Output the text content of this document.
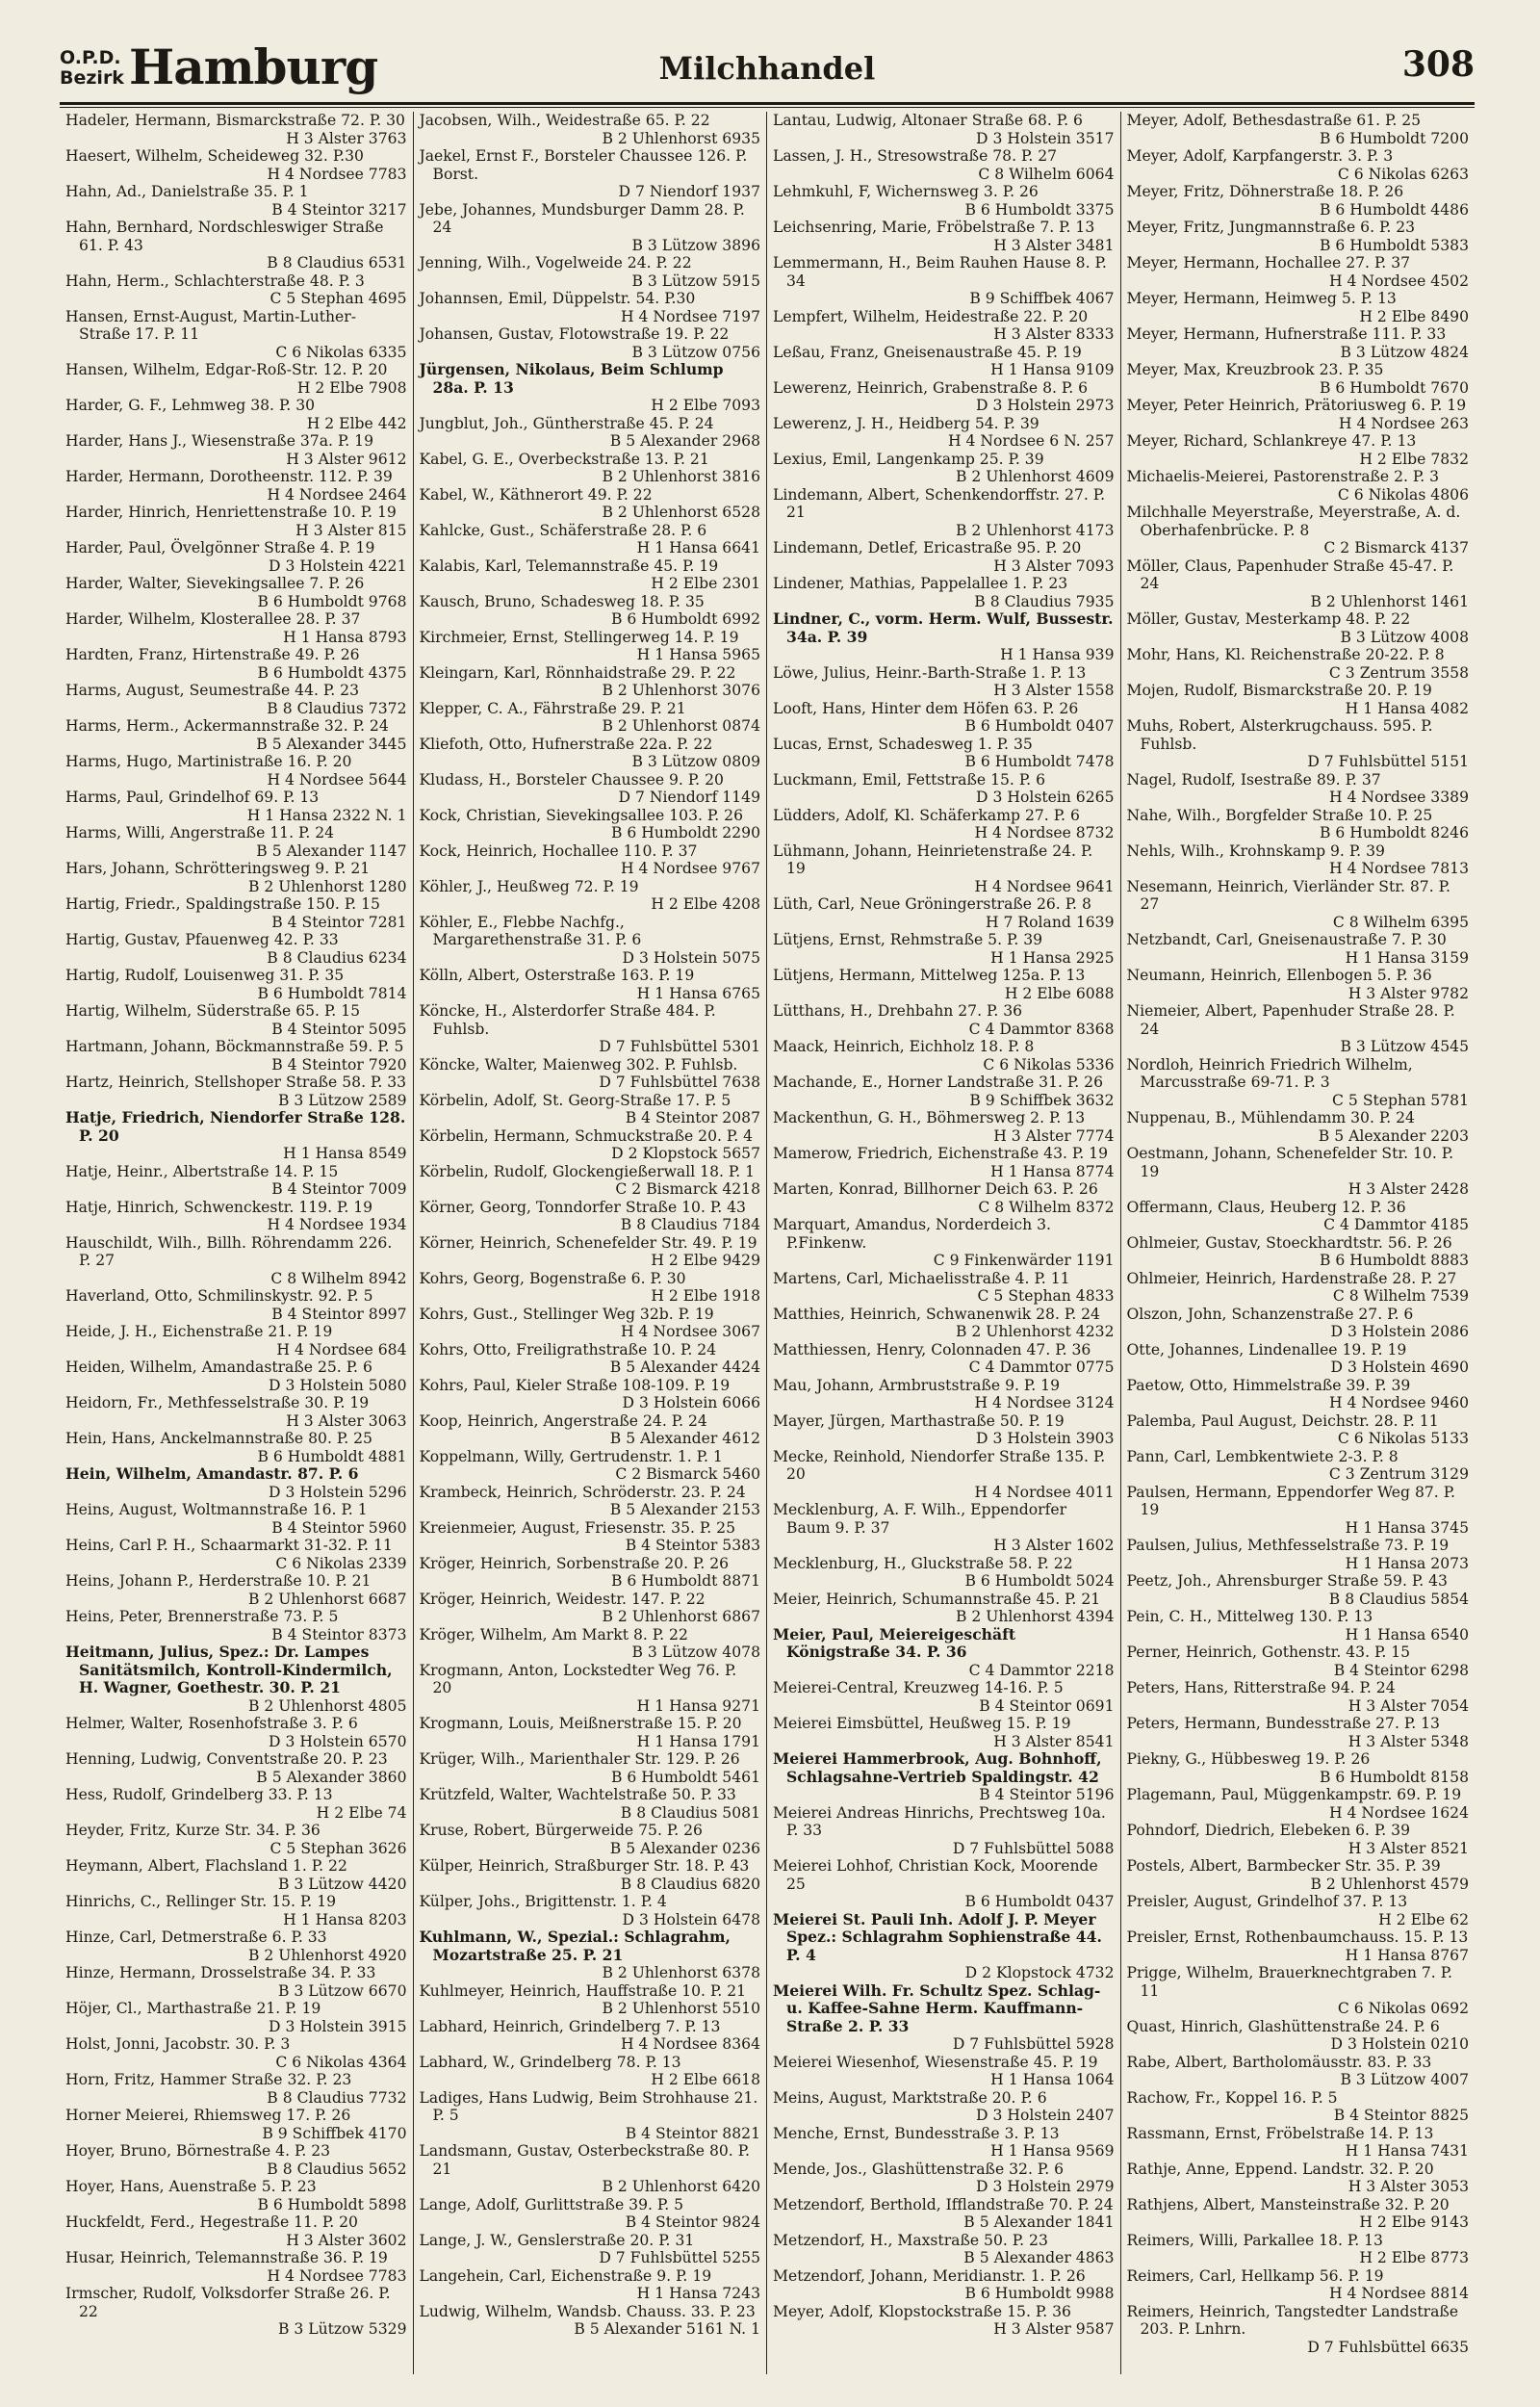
O.P.D.
Bezirk Hamburg	Milchhandel	308
Hadeler, Hermann, Bismarckstraße 72. P. 30
H 3 Alster 3763
Haesert, Wilhelm, Scheideweg 32. P.30
H 4 Nordsee 7783
Hahn, Ad., Danielstraße 35. P. 1
B 4 Steintor 3217
Hahn, Bernhard, Nordschleswiger Straße 61. P. 43
B 8 Claudius 6531
Hahn, Herm., Schlachterstraße 48. P. 3
C 5 Stephan 4695
Hansen, Ernst-August, Martin-Luther-Straße 17. P. 11
C 6 Nikolas 6335
Hansen, Wilhelm, Edgar-Roß-Str. 12. P. 20
H 2 Elbe 7908
Harder, G. F., Lehmweg 38. P. 30
H 2 Elbe 442
Harder, Hans J., Wiesenstraße 37a. P. 19
H 3 Alster 9612
Harder, Hermann, Dorotheenstr. 112. P. 39
H 4 Nordsee 2464
Harder, Hinrich, Henriettenstraße 10. P. 19
H 3 Alster 815
Harder, Paul, Övelgönner Straße 4. P. 19
D 3 Holstein 4221
Harder, Walter, Sievekingsallee 7. P. 26
B 6 Humboldt 9768
Harder, Wilhelm, Klosterallee 28. P. 37
H 1 Hansa 8793
Hardten, Franz, Hirtenstraße 49. P. 26
B 6 Humboldt 4375
Harms, August, Seumestraße 44. P. 23
B 8 Claudius 7372
Harms, Herm., Ackermannstraße 32. P. 24
B 5 Alexander 3445
Harms, Hugo, Martinistraße 16. P. 20
H 4 Nordsee 5644
Harms, Paul, Grindelhof 69. P. 13
H 1 Hansa 2322 N. 1
Harms, Willi, Angerstraße 11. P. 24
B 5 Alexander 1147
Hars, Johann, Schrötteringsweg 9. P. 21
B 2 Uhlenhorst 1280
Hartig, Friedr., Spaldingstraße 150. P. 15
B 4 Steintor 7281
Hartig, Gustav, Pfauenweg 42. P. 33
B 8 Claudius 6234
Hartig, Rudolf, Louisenweg 31. P. 35
B 6 Humboldt 7814
Hartig, Wilhelm, Süderstraße 65. P. 15
B 4 Steintor 5095
Hartmann, Johann, Böckmannstraße 59. P. 5
B 4 Steintor 7920
Hartz, Heinrich, Stellshoper Straße 58. P. 33
B 3 Lützow 2589
Hatje, Friedrich, Niendorfer Straße 128. P. 20
H 1 Hansa 8549
Hatje, Heinr., Albertstraße 14. P. 15
B 4 Steintor 7009
Hatje, Hinrich, Schwenckestr. 119. P. 19
H 4 Nordsee 1934
Hauschildt, Wilh., Billh. Röhrendamm 226. P. 27
C 8 Wilhelm 8942
Haverland, Otto, Schmilinskystr. 92. P. 5
B 4 Steintor 8997
Heide, J. H., Eichenstraße 21. P. 19
H 4 Nordsee 684
Heiden, Wilhelm, Amandastraße 25. P. 6
D 3 Holstein 5080
Heidorn, Fr., Methfesselstraße 30. P. 19
H 3 Alster 3063
Hein, Hans, Anckelmannstraße 80. P. 25
B 6 Humboldt 4881
Hein, Wilhelm, Amandastr. 87. P. 6
D 3 Holstein 5296
Heins, August, Woltmannstraße 16. P. 1
B 4 Steintor 5960
Heins, Carl P. H., Schaarmarkt 31-32. P. 11
C 6 Nikolas 2339
Heins, Johann P., Herderstraße 10. P. 21
B 2 Uhlenhorst 6687
Heins, Peter, Brennerstraße 73. P. 5
B 4 Steintor 8373
Heitmann, Julius, Spez.: Dr. Lampes Sanitätsmilch, Kontroll-Kindermilch, H. Wagner, Goethestr. 30. P. 21
B 2 Uhlenhorst 4805
Helmer, Walter, Rosenhofstraße 3. P. 6
D 3 Holstein 6570
Henning, Ludwig, Conventstraße 20. P. 23
B 5 Alexander 3860
Hess, Rudolf, Grindelberg 33. P. 13
H 2 Elbe 74
Heyder, Fritz, Kurze Str. 34. P. 36
C 5 Stephan 3626
Heymann, Albert, Flachsland 1. P. 22
B 3 Lützow 4420
Hinrichs, C., Rellinger Str. 15. P. 19
H 1 Hansa 8203
Hinze, Carl, Detmerstraße 6. P. 33
B 2 Uhlenhorst 4920
Hinze, Hermann, Drosselstraße 34. P. 33
B 3 Lützow 6670
Höjer, Cl., Marthastraße 21. P. 19
D 3 Holstein 3915
Holst, Jonni, Jacobstr. 30. P. 3
C 6 Nikolas 4364
Horn, Fritz, Hammer Straße 32. P. 23
B 8 Claudius 7732
Horner Meierei, Rhiemsweg 17. P. 26
B 9 Schiffbek 4170
Hoyer, Bruno, Börnestraße 4. P. 23
B 8 Claudius 5652
Hoyer, Hans, Auenstraße 5. P. 23
B 6 Humboldt 5898
Huckfeldt, Ferd., Hegestraße 11. P. 20
H 3 Alster 3602
Husar, Heinrich, Telemannstraße 36. P. 19
H 4 Nordsee 7783
Irmscher, Rudolf, Volksdorfer Straße 26. P. 22
B 3 Lützow 5329
Jacobsen, Wilh., Weidestraße 65. P. 22
B 2 Uhlenhorst 6935
Jaekel, Ernst F., Borsteler Chaussee 126. P. Borst.
D 7 Niendorf 1937
Jebe, Johannes, Mundsburger Damm 28. P. 24
B 3 Lützow 3896
Jenning, Wilh., Vogelweide 24. P. 22
B 3 Lützow 5915
Johannsen, Emil, Düppelstr. 54. P.30
H 4 Nordsee 7197
Johansen, Gustav, Flotowstraße 19. P. 22
B 3 Lützow 0756
Jürgensen, Nikolaus, Beim Schlump 28a. P. 13
H 2 Elbe 7093
Jungblut, Joh., Güntherstraße 45. P. 24
B 5 Alexander 2968
Kabel, G. E., Overbeckstraße 13. P. 21
B 2 Uhlenhorst 3816
Kabel, W., Käthnerort 49. P. 22
B 2 Uhlenhorst 6528
Kahlcke, Gust., Schäferstraße 28. P. 6
H 1 Hansa 6641
Kalabis, Karl, Telemannstraße 45. P. 19
H 2 Elbe 2301
Kausch, Bruno, Schadesweg 18. P. 35
B 6 Humboldt 6992
Kirchmeier, Ernst, Stellingerweg 14. P. 19
H 1 Hansa 5965
Kleingarn, Karl, Rönnhaidstraße 29. P. 22
B 2 Uhlenhorst 3076
Klepper, C. A., Fährstraße 29. P. 21
B 2 Uhlenhorst 0874
Kliefoth, Otto, Hufnerstraße 22a. P. 22
B 3 Lützow 0809
Kludass, H., Borsteler Chaussee 9. P. 20
D 7 Niendorf 1149
Kock, Christian, Sievekingsallee 103. P. 26
B 6 Humboldt 2290
Kock, Heinrich, Hochallee 110. P. 37
H 4 Nordsee 9767
Köhler, J., Heußweg 72. P. 19
H 2 Elbe 4208
Köhler, E., Flebbe Nachfg., Margarethenstraße 31. P. 6
D 3 Holstein 5075
Kölln, Albert, Osterstraße 163. P. 19
H 1 Hansa 6765
Köncke, H., Alsterdorfer Straße 484. P. Fuhlsb.
D 7 Fuhlsbüttel 5301
Köncke, Walter, Maienweg 302. P. Fuhlsb.
D 7 Fuhlsbüttel 7638
Körbelin, Adolf, St. Georg-Straße 17. P. 5
B 4 Steintor 2087
Körbelin, Hermann, Schmuckstraße 20. P. 4
D 2 Klopstock 5657
Körbelin, Rudolf, Glockengießerwall 18. P. 1
C 2 Bismarck 4218
Körner, Georg, Tonndorfer Straße 10. P. 43
B 8 Claudius 7184
Körner, Heinrich, Schenefelder Str. 49. P. 19
H 2 Elbe 9429
Kohrs, Georg, Bogenstraße 6. P. 30
H 2 Elbe 1918
Kohrs, Gust., Stellinger Weg 32b. P. 19
H 4 Nordsee 3067
Kohrs, Otto, Freiligrathstraße 10. P. 24
B 5 Alexander 4424
Kohrs, Paul, Kieler Straße 108-109. P. 19
D 3 Holstein 6066
Koop, Heinrich, Angerstraße 24. P. 24
B 5 Alexander 4612
Koppelmann, Willy, Gertrudenstr. 1. P. 1
C 2 Bismarck 5460
Krambeck, Heinrich, Schröderstr. 23. P. 24
B 5 Alexander 2153
Kreienmeier, August, Friesenstr. 35. P. 25
B 4 Steintor 5383
Kröger, Heinrich, Sorbenstraße 20. P. 26
B 6 Humboldt 8871
Kröger, Heinrich, Weidestr. 147. P. 22
B 2 Uhlenhorst 6867
Kröger, Wilhelm, Am Markt 8. P. 22
B 3 Lützow 4078
Krogmann, Anton, Lockstedter Weg 76. P. 20
H 1 Hansa 9271
Krogmann, Louis, Meißnerstraße 15. P. 20
H 1 Hansa 1791
Krüger, Wilh., Marienthaler Str. 129. P. 26
B 6 Humboldt 5461
Krützfeld, Walter, Wachtelstraße 50. P. 33
B 8 Claudius 5081
Kruse, Robert, Bürgerweide 75. P. 26
B 5 Alexander 0236
Külper, Heinrich, Straßburger Str. 18. P. 43
B 8 Claudius 6820
Külper, Johs., Brigittenstr. 1. P. 4
D 3 Holstein 6478
Kuhlmann, W., Spezial.: Schlagrahm, Mozartstraße 25. P. 21
B 2 Uhlenhorst 6378
Kuhlmeyer, Heinrich, Hauffstraße 10. P. 21
B 2 Uhlenhorst 5510
Labhard, Heinrich, Grindelberg 7. P. 13
H 4 Nordsee 8364
Labhard, W., Grindelberg 78. P. 13
H 2 Elbe 6618
Ladiges, Hans Ludwig, Beim Strohhause 21. P. 5
B 4 Steintor 8821
Landsmann, Gustav, Osterbeckstraße 80. P. 21
B 2 Uhlenhorst 6420
Lange, Adolf, Gurlittstraße 39. P. 5
B 4 Steintor 9824
Lange, J. W., Genslerstraße 20. P. 31
D 7 Fuhlsbüttel 5255
Langehein, Carl, Eichenstraße 9. P. 19
H 1 Hansa 7243
Ludwig, Wilhelm, Wandsb. Chauss. 33. P. 23
B 5 Alexander 5161 N. 1
Lantau, Ludwig, Altonaer Straße 68. P. 6
D 3 Holstein 3517
Lassen, J. H., Stresowstraße 78. P. 27
C 8 Wilhelm 6064
Lehmkuhl, F, Wichernsweg 3. P. 26
B 6 Humboldt 3375
Leichsenring, Marie, Fröbelstraße 7. P. 13
H 3 Alster 3481
Lemmermann, H., Beim Rauhen Hause 8. P. 34
B 9 Schiffbek 4067
Lempfert, Wilhelm, Heidestraße 22. P. 20
H 3 Alster 8333
Leßau, Franz, Gneisenaustraße 45. P. 19
H 1 Hansa 9109
Lewerenz, Heinrich, Grabenstraße 8. P. 6
D 3 Holstein 2973
Lewerenz, J. H., Heidberg 54. P. 39
H 4 Nordsee 6 N. 257
Lexius, Emil, Langenkamp 25. P. 39
B 2 Uhlenhorst 4609
Lindemann, Albert, Schenkendorffstr. 27. P. 21
B 2 Uhlenhorst 4173
Lindemann, Detlef, Ericastraße 95. P. 20
H 3 Alster 7093
Lindener, Mathias, Pappelallee 1. P. 23
B 8 Claudius 7935
Lindner, C., vorm. Herm. Wulf, Bussestr. 34a. P. 39
H 1 Hansa 939
Löwe, Julius, Heinr.-Barth-Straße 1. P. 13
H 3 Alster 1558
Looft, Hans, Hinter dem Höfen 63. P. 26
B 6 Humboldt 0407
Lucas, Ernst, Schadesweg 1. P. 35
B 6 Humboldt 7478
Luckmann, Emil, Fettstraße 15. P. 6
D 3 Holstein 6265
Lüdders, Adolf, Kl. Schäferkamp 27. P. 6
H 4 Nordsee 8732
Lühmann, Johann, Heinrietenstraße 24. P. 19
H 4 Nordsee 9641
Lüth, Carl, Neue Gröningerstraße 26. P. 8
H 7 Roland 1639
Lütjens, Ernst, Rehmstraße 5. P. 39
H 1 Hansa 2925
Lütjens, Hermann, Mittelweg 125a. P. 13
H 2 Elbe 6088
Lütthans, H., Drehbahn 27. P. 36
C 4 Dammtor 8368
Maack, Heinrich, Eichholz 18. P. 8
C 6 Nikolas 5336
Machande, E., Horner Landstraße 31. P. 26
B 9 Schiffbek 3632
Mackenthun, G. H., Böhmersweg 2. P. 13
H 3 Alster 7774
Mamerow, Friedrich, Eichenstraße 43. P. 19
H 1 Hansa 8774
Marten, Konrad, Billhorner Deich 63. P. 26
C 8 Wilhelm 8372
Marquart, Amandus, Norderdeich 3. P.Finkenw.
C 9 Finkenwärder 1191
Martens, Carl, Michaelisstraße 4. P. 11
C 5 Stephan 4833
Matthies, Heinrich, Schwanenwik 28. P. 24
B 2 Uhlenhorst 4232
Matthiessen, Henry, Colonnaden 47. P. 36
C 4 Dammtor 0775
Mau, Johann, Armbruststraße 9. P. 19
H 4 Nordsee 3124
Mayer, Jürgen, Marthastraße 50. P. 19
D 3 Holstein 3903
Mecke, Reinhold, Niendorfer Straße 135. P. 20
H 4 Nordsee 4011
Mecklenburg, A. F. Wilh., Eppendorfer Baum 9. P. 37
H 3 Alster 1602
Mecklenburg, H., Gluckstraße 58. P. 22
B 6 Humboldt 5024
Meier, Heinrich, Schumannstraße 45. P. 21
B 2 Uhlenhorst 4394
Meier, Paul, Meiereigeschäft Königstraße 34. P. 36
C 4 Dammtor 2218
Meierei-Central, Kreuzweg 14-16. P. 5
B 4 Steintor 0691
Meierei Eimsbüttel, Heußweg 15. P. 19
H 3 Alster 8541
Meierei Hammerbrook, Aug. Bohnhoff, Schlagsahne-Vertrieb Spaldingstr. 42
B 4 Steintor 5196
Meierei Andreas Hinrichs, Prechtsweg 10a. P. 33
D 7 Fuhlsbüttel 5088
Meierei Lohhof, Christian Kock, Moorende 25
B 6 Humboldt 0437
Meierei St. Pauli Inh. Adolf J. P. Meyer Spez.: Schlagrahm Sophienstraße 44. P. 4
D 2 Klopstock 4732
Meierei Wilh. Fr. Schultz Spez. Schlag- u. Kaffee-Sahne Herm. Kauffmann-Straße 2. P. 33
D 7 Fuhlsbüttel 5928
Meierei Wiesenhof, Wiesenstraße 45. P. 19
H 1 Hansa 1064
Meins, August, Marktstraße 20. P. 6
D 3 Holstein 2407
Menche, Ernst, Bundesstraße 3. P. 13
H 1 Hansa 9569
Mende, Jos., Glashüttenstraße 32. P. 6
D 3 Holstein 2979
Metzendorf, Berthold, Ifflandstraße 70. P. 24
B 5 Alexander 1841
Metzendorf, H., Maxstraße 50. P. 23
B 5 Alexander 4863
Metzendorf, Johann, Meridianstr. 1. P. 26
B 6 Humboldt 9988
Meyer, Adolf, Klopstockstraße 15. P. 36
H 3 Alster 9587
Meyer, Adolf, Bethesdastraße 61. P. 25
B 6 Humboldt 7200
Meyer, Adolf, Karpfangerstr. 3. P. 3
C 6 Nikolas 6263
Meyer, Fritz, Döhnerstraße 18. P. 26
B 6 Humboldt 4486
Meyer, Fritz, Jungmannstraße 6. P. 23
B 6 Humboldt 5383
Meyer, Hermann, Hochallee 27. P. 37
H 4 Nordsee 4502
Meyer, Hermann, Heimweg 5. P. 13
H 2 Elbe 8490
Meyer, Hermann, Hufnerstraße 111. P. 33
B 3 Lützow 4824
Meyer, Max, Kreuzbrook 23. P. 35
B 6 Humboldt 7670
Meyer, Peter Heinrich, Prätoriusweg 6. P. 19
H 4 Nordsee 263
Meyer, Richard, Schlankreye 47. P. 13
H 2 Elbe 7832
Michaelis-Meierei, Pastorenstraße 2. P. 3
C 6 Nikolas 4806
Milchhalle Meyerstraße, Meyerstraße, A. d. Oberhafenbrücke. P. 8
C 2 Bismarck 4137
Möller, Claus, Papenhuder Straße 45-47. P. 24
B 2 Uhlenhorst 1461
Möller, Gustav, Mesterkamp 48. P. 22
B 3 Lützow 4008
Mohr, Hans, Kl. Reichenstraße 20-22. P. 8
C 3 Zentrum 3558
Mojen, Rudolf, Bismarckstraße 20. P. 19
H 1 Hansa 4082
Muhs, Robert, Alsterkrugchauss. 595. P. Fuhlsb.
D 7 Fuhlsbüttel 5151
Nagel, Rudolf, Isestraße 89. P. 37
H 4 Nordsee 3389
Nahe, Wilh., Borgfelder Straße 10. P. 25
B 6 Humboldt 8246
Nehls, Wilh., Krohnskamp 9. P. 39
H 4 Nordsee 7813
Nesemann, Heinrich, Vierländer Str. 87. P. 27
C 8 Wilhelm 6395
Netzbandt, Carl, Gneisenaustraße 7. P. 30
H 1 Hansa 3159
Neumann, Heinrich, Ellenbogen 5. P. 36
H 3 Alster 9782
Niemeier, Albert, Papenhuder Straße 28. P. 24
B 3 Lützow 4545
Nordloh, Heinrich Friedrich Wilhelm, Marcusstraße 69-71. P. 3
C 5 Stephan 5781
Nuppenau, B., Mühlendamm 30. P. 24
B 5 Alexander 2203
Oestmann, Johann, Schenefelder Str. 10. P. 19
H 3 Alster 2428
Offermann, Claus, Heuberg 12. P. 36
C 4 Dammtor 4185
Ohlmeier, Gustav, Stoeckhardtstr. 56. P. 26
B 6 Humboldt 8883
Ohlmeier, Heinrich, Hardenstraße 28. P. 27
C 8 Wilhelm 7539
Olszon, John, Schanzenstraße 27. P. 6
D 3 Holstein 2086
Otte, Johannes, Lindenallee 19. P. 19
D 3 Holstein 4690
Paetow, Otto, Himmelstraße 39. P. 39
H 4 Nordsee 9460
Palemba, Paul August, Deichstr. 28. P. 11
C 6 Nikolas 5133
Pann, Carl, Lembkentwiete 2-3. P. 8
C 3 Zentrum 3129
Paulsen, Hermann, Eppendorfer Weg 87. P. 19
H 1 Hansa 3745
Paulsen, Julius, Methfesselstraße 73. P. 19
H 1 Hansa 2073
Peetz, Joh., Ahrensburger Straße 59. P. 43
B 8 Claudius 5854
Pein, C. H., Mittelweg 130. P. 13
H 1 Hansa 6540
Perner, Heinrich, Gothenstr. 43. P. 15
B 4 Steintor 6298
Peters, Hans, Ritterstraße 94. P. 24
H 3 Alster 7054
Peters, Hermann, Bundesstraße 27. P. 13
H 3 Alster 5348
Piekny, G., Hübbesweg 19. P. 26
B 6 Humboldt 8158
Plagemann, Paul, Müggenkampstr. 69. P. 19
H 4 Nordsee 1624
Pohndorf, Diedrich, Elebeken 6. P. 39
H 3 Alster 8521
Postels, Albert, Barmbecker Str. 35. P. 39
B 2 Uhlenhorst 4579
Preisler, August, Grindelhof 37. P. 13
H 2 Elbe 62
Preisler, Ernst, Rothenbaumchauss. 15. P. 13
H 1 Hansa 8767
Prigge, Wilhelm, Brauerknechtgraben 7. P. 11
C 6 Nikolas 0692
Quast, Hinrich, Glashüttenstraße 24. P. 6
D 3 Holstein 0210
Rabe, Albert, Bartholomäusstr. 83. P. 33
B 3 Lützow 4007
Rachow, Fr., Koppel 16. P. 5
B 4 Steintor 8825
Rassmann, Ernst, Fröbelstraße 14. P. 13
H 1 Hansa 7431
Rathje, Anne, Eppend. Landstr. 32. P. 20
H 3 Alster 3053
Rathjens, Albert, Mansteinstraße 32. P. 20
H 2 Elbe 9143
Reimers, Willi, Parkallee 18. P. 13
H 2 Elbe 8773
Reimers, Carl, Hellkamp 56. P. 19
H 4 Nordsee 8814
Reimers, Heinrich, Tangstedter Landstraße 203. P. Lnhrn.
D 7 Fuhlsbüttel 6635
